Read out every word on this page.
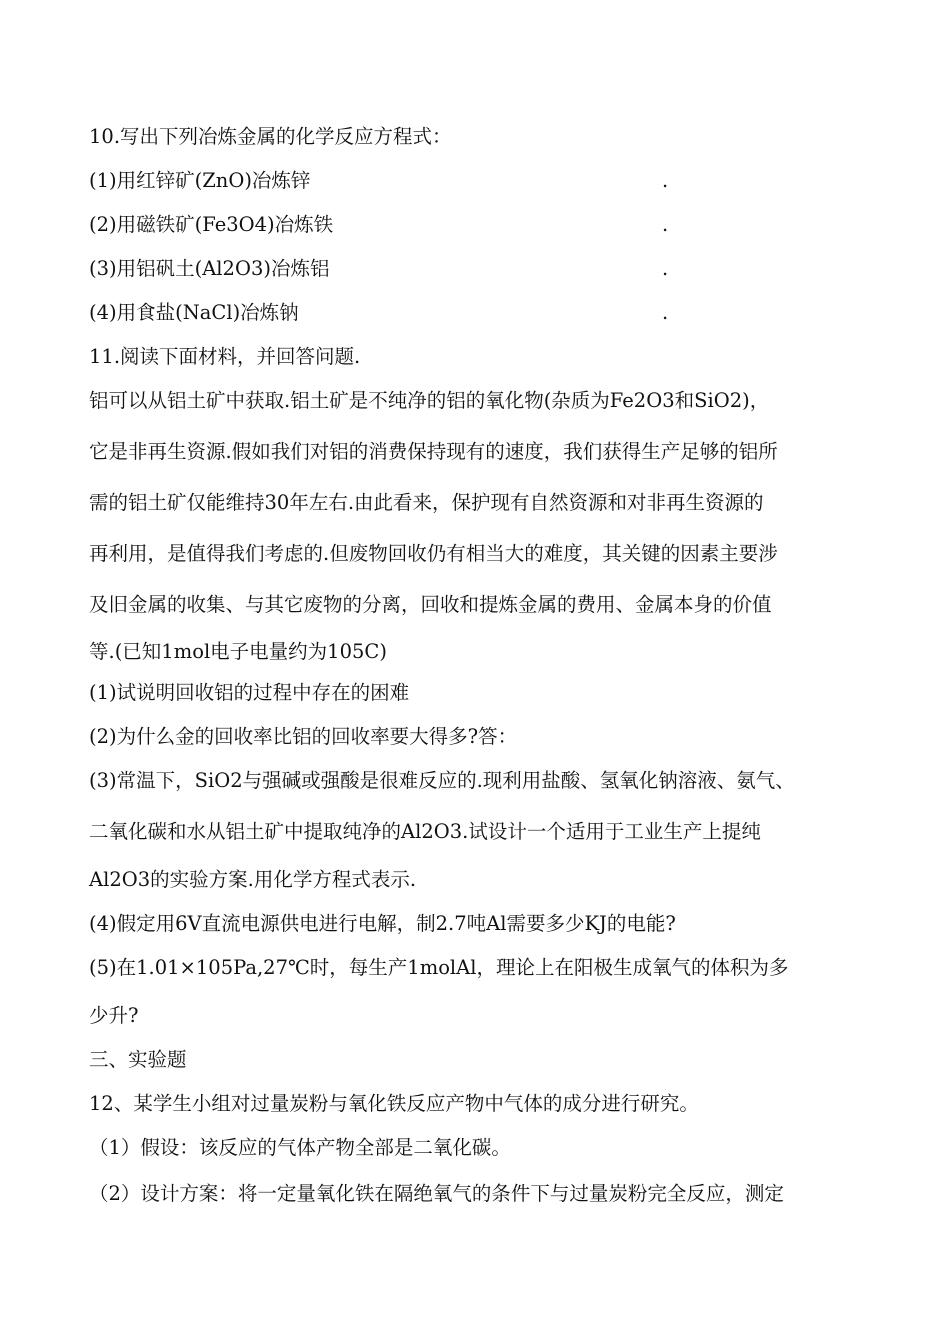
10.写出下列冶炼金属的化学反应方程式：

(1)用红锌矿(ZnO)冶炼锌	.

(2)用磁铁矿(Fe3O4)冶炼铁	.

(3)用铝矾土(Al2O3)冶炼铝	.

(4)用食盐(NaCl)冶炼钠	.

11.阅读下面材料，并回答问题.

铝可以从铝土矿中获取.铝土矿是不纯净的铝的氧化物(杂质为Fe2O3和SiO2)，

它是非再生资源.假如我们对铝的消费保持现有的速度，我们获得生产足够的铝所

需的铝土矿仅能维持30年左右.由此看来，保护现有自然资源和对非再生资源的

再利用，是值得我们考虑的.但废物回收仍有相当大的难度，其关键的因素主要涉

及旧金属的收集、与其它废物的分离，回收和提炼金属的费用、金属本身的价值

等.(已知1mol电子电量约为105C)

(1)试说明回收铝的过程中存在的困难

(2)为什么金的回收率比铝的回收率要大得多?答：

(3)常温下，SiO2与强碱或强酸是很难反应的.现利用盐酸、氢氧化钠溶液、氨气、

二氧化碳和水从铝土矿中提取纯净的Al2O3.试设计一个适用于工业生产上提纯

Al2O3的实验方案.用化学方程式表示.

(4)假定用6V直流电源供电进行电解，制2.7吨Al需要多少KJ的电能?

(5)在1.01×105Pa,27℃时，每生产1molAl，理论上在阳极生成氧气的体积为多

少升?

三、实验题

12、某学生小组对过量炭粉与氧化铁反应产物中气体的成分进行研究。

（1）假设：该反应的气体产物全部是二氧化碳。

（2）设计方案：将一定量氧化铁在隔绝氧气的条件下与过量炭粉完全反应，测定
